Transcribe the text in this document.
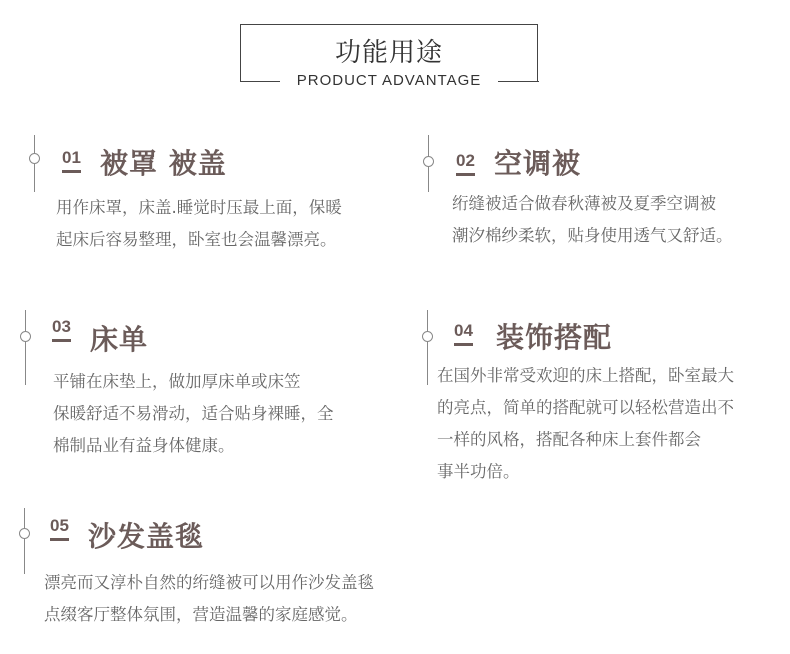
功能用途
PRODUCT ADVANTAGE
01 被罩 被盖
用作床罩，床盖.睡觉时压最上面，保暖
起床后容易整理，卧室也会温馨漂亮。
02 空调被
绗缝被适合做春秋薄被及夏季空调被
潮汐棉纱柔软，贴身使用透气又舒适。
03 床单
平铺在床垫上，做加厚床单或床笠
保暖舒适不易滑动，适合贴身裸睡，全
棉制品业有益身体健康。
04 装饰搭配
在国外非常受欢迎的床上搭配，卧室最大
的亮点，简单的搭配就可以轻松营造出不
一样的风格，搭配各种床上套件都会
事半功倍。
05 沙发盖毯
漂亮而又淳朴自然的绗缝被可以用作沙发盖毯
点缀客厅整体氛围，营造温馨的家庭感觉。
